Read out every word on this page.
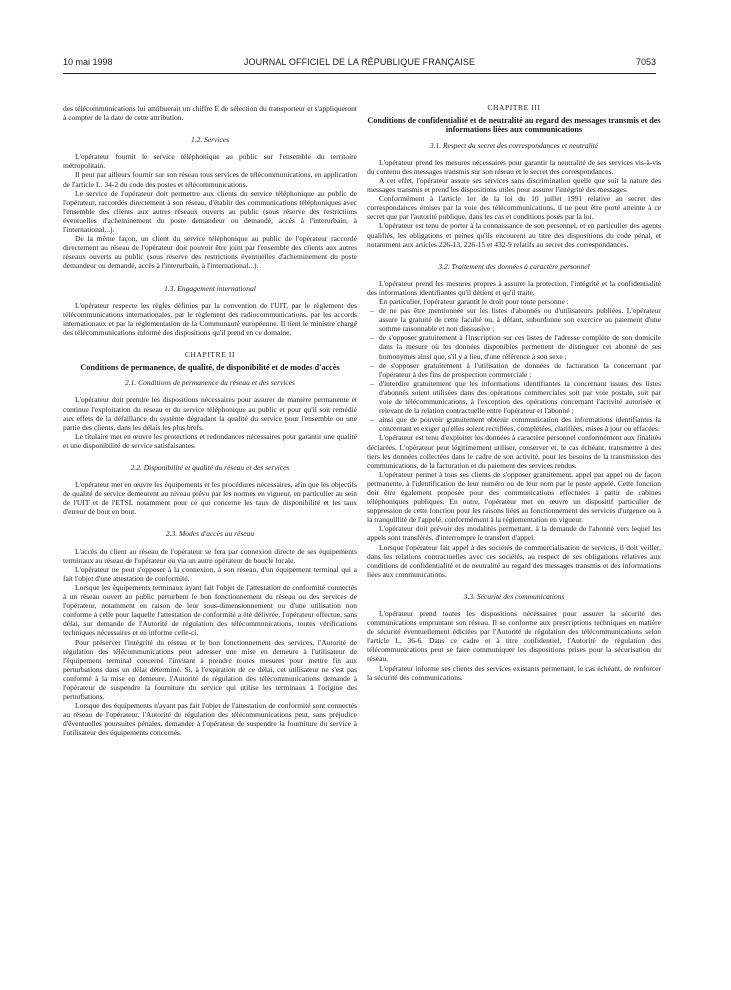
10 mai 1998	JOURNAL OFFICIEL DE LA RÉPUBLIQUE FRANÇAISE	7053

des télécommunications lui attribuerait un chiffre E de sélection du transporteur et s'appliqueront à compter de la date de cette attribution.

1.2. Services

L'opérateur fournit le service téléphonique au public sur l'ensemble du territoire métropolitain.

Il peut par ailleurs fournir sur son réseau tous services de télécommunications, en application de l'article L. 34-2 du code des postes et télécommunications.

Le service de l'opérateur doit permettre aux clients du service téléphonique au public de l'opérateur, raccordés directement à son réseau, d'établir des communications téléphoniques avec l'ensemble des clients aux autres réseaux ouverts au public (sous réserve des restrictions éventuelles d'acheminement du poste demandeur ou demandé, accès à l'interurbain, à l'international...).

De la même façon, un client du service téléphonique au public de l'opérateur raccordé directement au réseau de l'opérateur doit pouvoir être joint par l'ensemble des clients aux autres réseaux ouverts au public (sous réserve des restrictions éventuelles d'acheminement du poste demandeur ou demandé, accès à l'interurbain, à l'international...).

1.3. Engagement international

L'opérateur respecte les règles définies par la convention de l'UIT, par le règlement des télécommunications internationales, par le règlement des radiocommunications, par les accords internationaux et par la réglementation de la Communauté européenne. Il tient le ministre chargé des télécommunications informé des dispositions qu'il prend en ce domaine.

CHAPITRE II

Conditions de permanence, de qualité, de disponibilité et de modes d'accès

2.1. Conditions de permanence du réseau et des services

L'opérateur doit prendre les dispositions nécessaires pour assurer de manière permanente et continue l'exploitation du réseau et du service téléphonique au public et pour qu'il soit remédié aux effets de la défaillance du système dégradant la qualité du service pour l'ensemble ou une partie des clients, dans les délais les plus brefs.

Le titulaire met en œuvre les protections et redondances nécessaires pour garantir une qualité et une disponibilité de service satisfaisantes.

2.2. Disponibilité et qualité du réseau et des services

L'opérateur met en œuvre les équipements et les procédures nécessaires, afin que les objectifs de qualité de service demeurent au niveau prévu par les normes en vigueur, en particulier au sein de l'UIT et de l'ETSI, notamment pour ce qui concerne les taux de disponibilité et les taux d'erreur de bout en bout.

2.3. Modes d'accès au réseau

L'accès du client au réseau de l'opérateur se fera par connexion directe de ses équipements terminaux au réseau de l'opérateur ou via un autre opérateur de boucle locale.

L'opérateur ne peut s'opposer à la connexion, à son réseau, d'un équipement terminal qui a fait l'objet d'une attestation de conformité.

Lorsque les équipements terminaux ayant fait l'objet de l'attestation de conformité connectés à un réseau ouvert au public perturbent le bon fonctionnement du réseau ou des services de l'opérateur, notamment en raison de leur sous-dimensionnement ou d'une utilisation non conforme à celle pour laquelle l'attestation de conformité a été délivrée, l'opérateur effectue, sans délai, sur demande de l'Autorité de régulation des télécommunications, toutes vérifications techniques nécessaires et en informe celle-ci.

Pour préserver l'intégrité du réseau et le bon fonctionnement des services, l'Autorité de régulation des télécommunications peut adresser une mise en demeure à l'utilisateur de l'équipement terminal concerné l'invitant à prendre toutes mesures pour mettre fin aux perturbations dans un délai déterminé. Si, à l'expiration de ce délai, cet utilisateur ne s'est pas conformé à la mise en demeure, l'Autorité de régulation des télécommunications demande à l'opérateur de suspendre la fourniture du service qui utilise les terminaux à l'origine des perturbations.

Lorsque des équipements n'ayant pas fait l'objet de l'attestation de conformité sont connectés au réseau de l'opérateur, l'Autorité de régulation des télécommunications peut, sans préjudice d'éventuelles poursuites pénales, demander à l'opérateur de suspendre la fourniture du service à l'utilisateur des équipements concernés.

CHAPITRE III

Conditions de confidentialité et de neutralité au regard des messages transmis et des informations liées aux communications

3.1. Respect du secret des correspondances et neutralité

L'opérateur prend les mesures nécessaires pour garantir la neutralité de ses services vis-à-vis du contenu des messages transmis sur son réseau et le secret des correspondances.

A cet effet, l'opérateur assure ses services sans discrimination quelle que soit la nature des messages transmis et prend les dispositions utiles pour assurer l'intégrité des messages.

Conformément à l'article 1er de la loi du 10 juillet 1991 relative au secret des correspondances émises par la voie des télécommunications, il ne peut être porté atteinte à ce secret que par l'autorité publique, dans les cas et conditions posés par la loi.

L'opérateur est tenu de porter à la connaissance de son personnel, et en particulier des agents qualifiés, les obligations et peines qu'ils encourent au titre des dispositions du code pénal, et notamment aux articles 226-13, 226-15 et 432-9 relatifs au secret des correspondances.

3.2. Traitement des données à caractère personnel

L'opérateur prend les mesures propres à assurer la protection, l'intégrité et la confidentialité des informations identifiantes qu'il détient et qu'il traite.

En particulier, l'opérateur garantit le droit pour toute personne :

– de ne pas être mentionnée sur les listes d'abonnés ou d'utilisateurs publiées. L'opérateur assure la gratuité de cette faculté ou, à défaut, subordonne son exercice au paiement d'une somme raisonnable et non dissuasive ;
– de s'opposer gratuitement à l'inscription sur ces listes de l'adresse complète de son domicile dans la mesure où les données disponibles permettent de distinguer cet abonné de ses homonymes ainsi que, s'il y a lieu, d'une référence à son sexe ;
– de s'opposer gratuitement à l'utilisation de données de facturation la concernant par l'opérateur à des fins de prospection commerciale ;
– d'interdire gratuitement que les informations identifiantes la concernant issues des listes d'abonnés soient utilisées dans des opérations commerciales soit par voie postale, soit par voie de télécommunications, à l'exception des opérations concernant l'activité autorisée et relevant de la relation contractuelle entre l'opérateur et l'abonné ;
– ainsi que de pouvoir gratuitement obtenir communication des informations identifiantes la concernant et exiger qu'elles soient rectifiées, complétées, clarifiées, mises à jour ou effacées.

L'opérateur est tenu d'exploiter les données à caractère personnel conformément aux finalités déclarées. L'opérateur peut légitimement utiliser, conserver et, le cas échéant, transmettre à des tiers les données collectées dans le cadre de son activité, pour les besoins de la transmission des communications, de la facturation et du paiement des services rendus.

L'opérateur permet à tous ses clients de s'opposer gratuitement, appel par appel ou de façon permanente, à l'identification de leur numéro ou de leur nom par le poste appelé. Cette fonction doit être également proposée pour des communications effectuées à partir de cabines téléphoniques publiques. En outre, l'opérateur met en œuvre un dispositif particulier de suppression de cette fonction pour les raisons liées au fonctionnement des services d'urgence ou à la tranquillité de l'appelé, conformément à la réglementation en vigueur.

L'opérateur doit prévoir des modalités permettant, à la demande de l'abonné vers lequel les appels sont transférés, d'interrompre le transfert d'appel.

Lorsque l'opérateur fait appel à des sociétés de commercialisation de services, il doit veiller, dans les relations contractuelles avec ces sociétés, au respect de ses obligations relatives aux conditions de confidentialité et de neutralité au regard des messages transmis et des informations liées aux communications.

3.3. Sécurité des communications

L'opérateur prend toutes les dispositions nécessaires pour assurer la sécurité des communications empruntant son réseau. Il se conforme aux prescriptions techniques en matière de sécurité éventuellement édictées par l'Autorité de régulation des télécommunications selon l'article L. 36-6. Dans ce cadre et à titre confidentiel, l'Autorité de régulation des télécommunications peut se faire communiquer les dispositions prises pour la sécurisation du réseau.

L'opérateur informe ses clients des services existants permettant, le cas échéant, de renforcer la sécurité des communications.
